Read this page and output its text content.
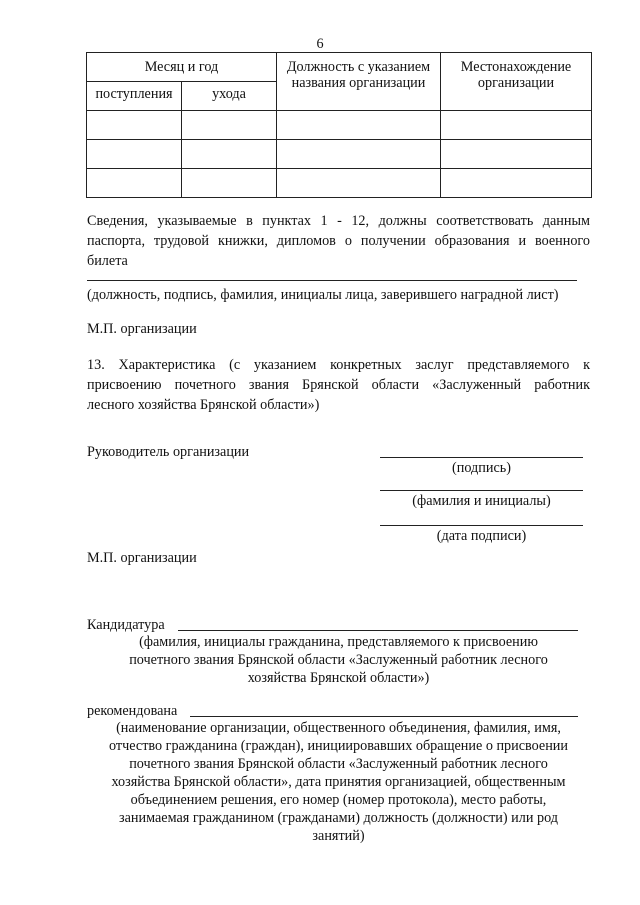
6
Месяц и год		Должность с указанием названия организации	Местонахождение организации
поступления	ухода		

Сведения, указываемые в пунктах 1 - 12, должны соответствовать данным
паспорта, трудовой книжки, дипломов о получении образования и военного
билета
(должность, подпись, фамилия, инициалы лица, заверившего наградной лист)
М.П. организации
13. Характеристика (с указанием конкретных заслуг представляемого к
присвоению почетного звания Брянской области «Заслуженный работник
лесного хозяйства Брянской области»)
Руководитель организации
(подпись)
(фамилия и инициалы)
(дата подписи)
М.П. организации
Кандидатура
(фамилия, инициалы гражданина, представляемого к присвоению
почетного звания Брянской области «Заслуженный работник лесного
хозяйства Брянской области»)
рекомендована
(наименование организации, общественного объединения, фамилия, имя,
отчество гражданина (граждан), инициировавших обращение о присвоении
почетного звания Брянской области «Заслуженный работник лесного
хозяйства Брянской области», дата принятия организацией, общественным
объединением решения, его номер (номер протокола), место работы,
занимаемая гражданином (гражданами) должность (должности) или род
занятий)
